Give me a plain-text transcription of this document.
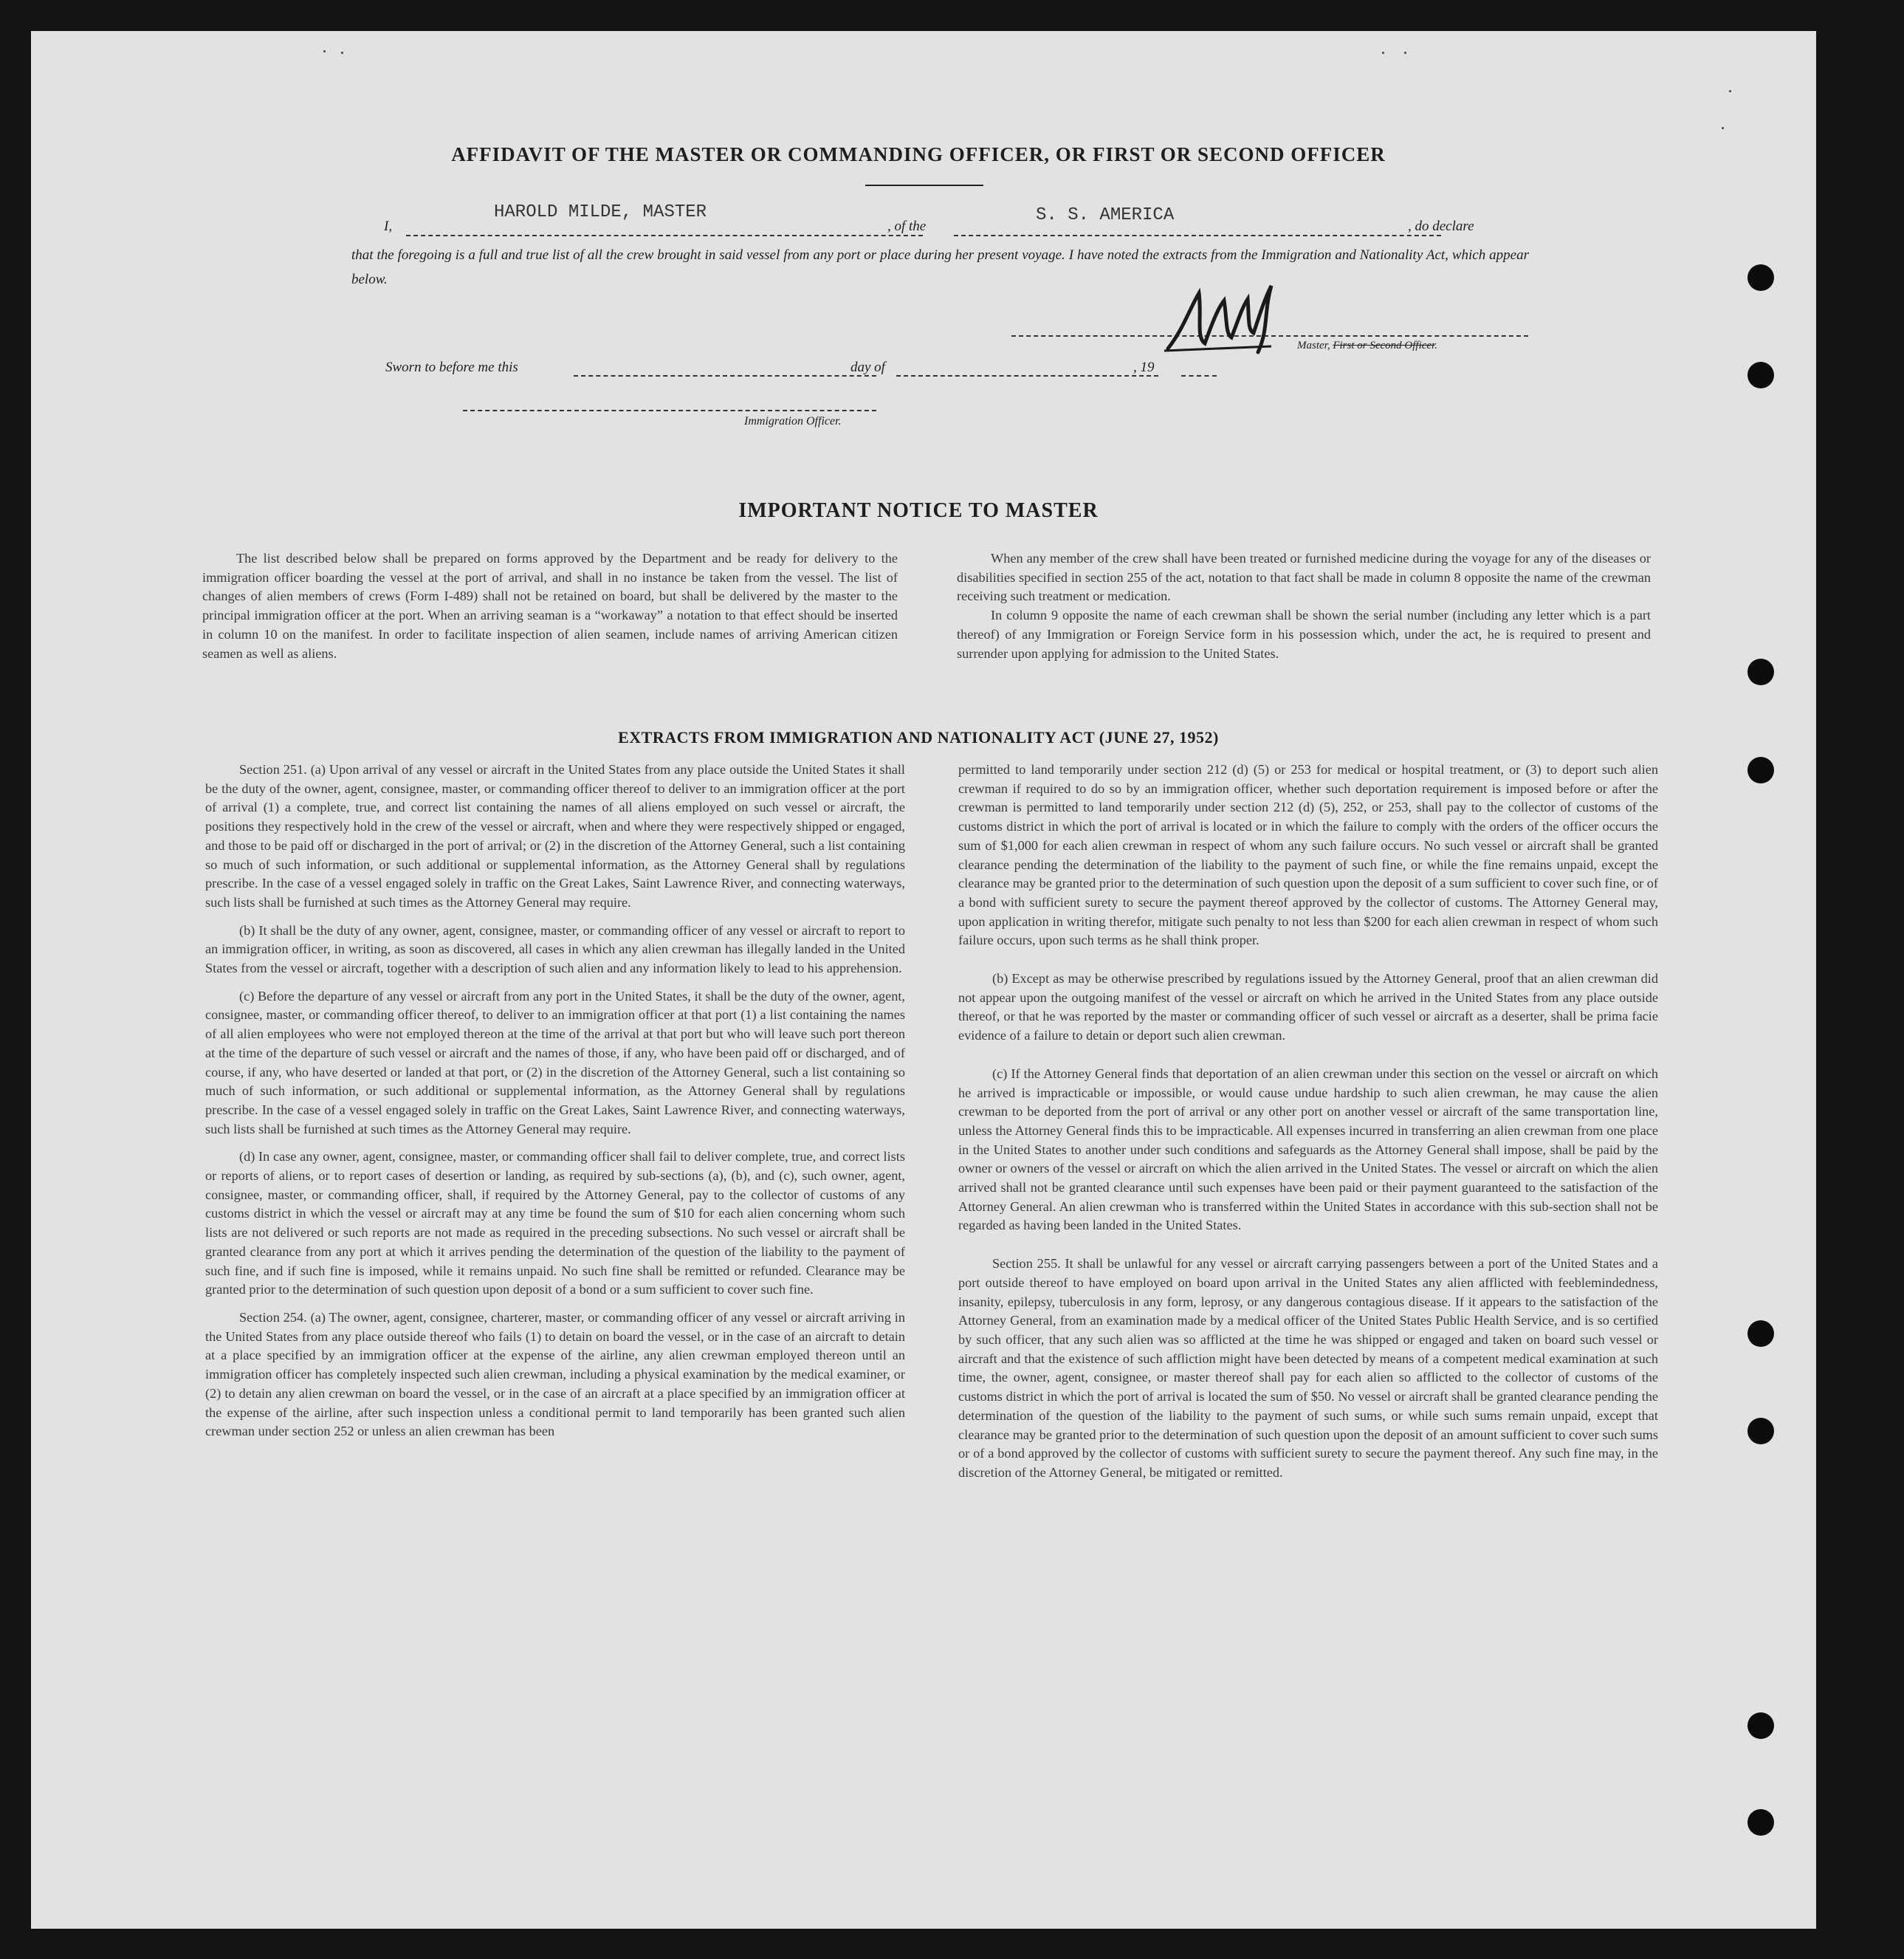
AFFIDAVIT OF THE MASTER OR COMMANDING OFFICER, OR FIRST OR SECOND OFFICER
I,
HAROLD MILDE, MASTER
, of the
S. S. AMERICA
, do declare
that the foregoing is a full and true list of all the crew brought in said vessel from any port or place during her present voyage. I have noted the extracts from the Immigration and Nationality Act, which appear below.
Master, First or Second Officer.
Sworn to before me this	day of	, 19
Immigration Officer.
IMPORTANT NOTICE TO MASTER

The list described below shall be prepared on forms approved by the Department and be ready for delivery to the immigration officer boarding the vessel at the port of arrival, and shall in no instance be taken from the vessel. The list of changes of alien members of crews (Form I-489) shall not be retained on board, but shall be delivered by the master to the principal immigration officer at the port. When an arriving seaman is a “workaway” a notation to that effect should be inserted in column 10 on the manifest. In order to facilitate inspection of alien seamen, include names of arriving American citizen seamen as well as aliens.

When any member of the crew shall have been treated or furnished medicine during the voyage for any of the diseases or disabilities specified in section 255 of the act, notation to that fact shall be made in column 8 opposite the name of the crewman receiving such treatment or medication.

In column 9 opposite the name of each crewman shall be shown the serial number (including any letter which is a part thereof) of any Immigration or Foreign Service form in his possession which, under the act, he is required to present and surrender upon applying for admission to the United States.

EXTRACTS FROM IMMIGRATION AND NATIONALITY ACT (JUNE 27, 1952)

Section 251. (a) Upon arrival of any vessel or aircraft in the United States from any place outside the United States it shall be the duty of the owner, agent, consignee, master, or commanding officer thereof to deliver to an immigration officer at the port of arrival (1) a complete, true, and correct list containing the names of all aliens employed on such vessel or aircraft, the positions they respectively hold in the crew of the vessel or aircraft, when and where they were respectively shipped or engaged, and those to be paid off or discharged in the port of arrival; or (2) in the discretion of the Attorney General, such a list containing so much of such information, or such additional or supplemental information, as the Attorney General shall by regulations prescribe. In the case of a vessel engaged solely in traffic on the Great Lakes, Saint Lawrence River, and connecting waterways, such lists shall be furnished at such times as the Attorney General may require.

(b) It shall be the duty of any owner, agent, consignee, master, or commanding officer of any vessel or aircraft to report to an immigration officer, in writing, as soon as discovered, all cases in which any alien crewman has illegally landed in the United States from the vessel or aircraft, together with a description of such alien and any information likely to lead to his apprehension.

(c) Before the departure of any vessel or aircraft from any port in the United States, it shall be the duty of the owner, agent, consignee, master, or commanding officer thereof, to deliver to an immigration officer at that port (1) a list containing the names of all alien employees who were not employed thereon at the time of the arrival at that port but who will leave such port thereon at the time of the departure of such vessel or aircraft and the names of those, if any, who have been paid off or discharged, and of course, if any, who have deserted or landed at that port, or (2) in the discretion of the Attorney General, such a list containing so much of such information, or such additional or supplemental information, as the Attorney General shall by regulations prescribe. In the case of a vessel engaged solely in traffic on the Great Lakes, Saint Lawrence River, and connecting waterways, such lists shall be furnished at such times as the Attorney General may require.

(d) In case any owner, agent, consignee, master, or commanding officer shall fail to deliver complete, true, and correct lists or reports of aliens, or to report cases of desertion or landing, as required by sub-sections (a), (b), and (c), such owner, agent, consignee, master, or commanding officer, shall, if required by the Attorney General, pay to the collector of customs of any customs district in which the vessel or aircraft may at any time be found the sum of $10 for each alien concerning whom such lists are not delivered or such reports are not made as required in the preceding subsections. No such vessel or aircraft shall be granted clearance from any port at which it arrives pending the determination of the question of the liability to the payment of such fine, and if such fine is imposed, while it remains unpaid. No such fine shall be remitted or refunded. Clearance may be granted prior to the determination of such question upon deposit of a bond or a sum sufficient to cover such fine.

Section 254. (a) The owner, agent, consignee, charterer, master, or commanding officer of any vessel or aircraft arriving in the United States from any place outside thereof who fails (1) to detain on board the vessel, or in the case of an aircraft to detain at a place specified by an immigration officer at the expense of the airline, any alien crewman employed thereon until an immigration officer has completely inspected such alien crewman, including a physical examination by the medical examiner, or (2) to detain any alien crewman on board the vessel, or in the case of an aircraft at a place specified by an immigration officer at the expense of the airline, after such inspection unless a conditional permit to land temporarily has been granted such alien crewman under section 252 or unless an alien crewman has been

permitted to land temporarily under section 212 (d) (5) or 253 for medical or hospital treatment, or (3) to deport such alien crewman if required to do so by an immigration officer, whether such deportation requirement is imposed before or after the crewman is permitted to land temporarily under section 212 (d) (5), 252, or 253, shall pay to the collector of customs of the customs district in which the port of arrival is located or in which the failure to comply with the orders of the officer occurs the sum of $1,000 for each alien crewman in respect of whom any such failure occurs. No such vessel or aircraft shall be granted clearance pending the determination of the liability to the payment of such fine, or while the fine remains unpaid, except the clearance may be granted prior to the determination of such question upon the deposit of a sum sufficient to cover such fine, or of a bond with sufficient surety to secure the payment thereof approved by the collector of customs. The Attorney General may, upon application in writing therefor, mitigate such penalty to not less than $200 for each alien crewman in respect of whom such failure occurs, upon such terms as he shall think proper.

(b) Except as may be otherwise prescribed by regulations issued by the Attorney General, proof that an alien crewman did not appear upon the outgoing manifest of the vessel or aircraft on which he arrived in the United States from any place outside thereof, or that he was reported by the master or commanding officer of such vessel or aircraft as a deserter, shall be prima facie evidence of a failure to detain or deport such alien crewman.

(c) If the Attorney General finds that deportation of an alien crewman under this section on the vessel or aircraft on which he arrived is impracticable or impossible, or would cause undue hardship to such alien crewman, he may cause the alien crewman to be deported from the port of arrival or any other port on another vessel or aircraft of the same transportation line, unless the Attorney General finds this to be impracticable. All expenses incurred in transferring an alien crewman from one place in the United States to another under such conditions and safeguards as the Attorney General shall impose, shall be paid by the owner or owners of the vessel or aircraft on which the alien arrived in the United States. The vessel or aircraft on which the alien arrived shall not be granted clearance until such expenses have been paid or their payment guaranteed to the satisfaction of the Attorney General. An alien crewman who is transferred within the United States in accordance with this sub-section shall not be regarded as having been landed in the United States.

Section 255. It shall be unlawful for any vessel or aircraft carrying passengers between a port of the United States and a port outside thereof to have employed on board upon arrival in the United States any alien afflicted with feeblemindedness, insanity, epilepsy, tuberculosis in any form, leprosy, or any dangerous contagious disease. If it appears to the satisfaction of the Attorney General, from an examination made by a medical officer of the United States Public Health Service, and is so certified by such officer, that any such alien was so afflicted at the time he was shipped or engaged and taken on board such vessel or aircraft and that the existence of such affliction might have been detected by means of a competent medical examination at such time, the owner, agent, consignee, or master thereof shall pay for each alien so afflicted to the collector of customs of the customs district in which the port of arrival is located the sum of $50. No vessel or aircraft shall be granted clearance pending the determination of the question of the liability to the payment of such sums, or while such sums remain unpaid, except that clearance may be granted prior to the determination of such question upon the deposit of an amount sufficient to cover such sums or of a bond approved by the collector of customs with sufficient surety to secure the payment thereof. Any such fine may, in the discretion of the Attorney General, be mitigated or remitted.
